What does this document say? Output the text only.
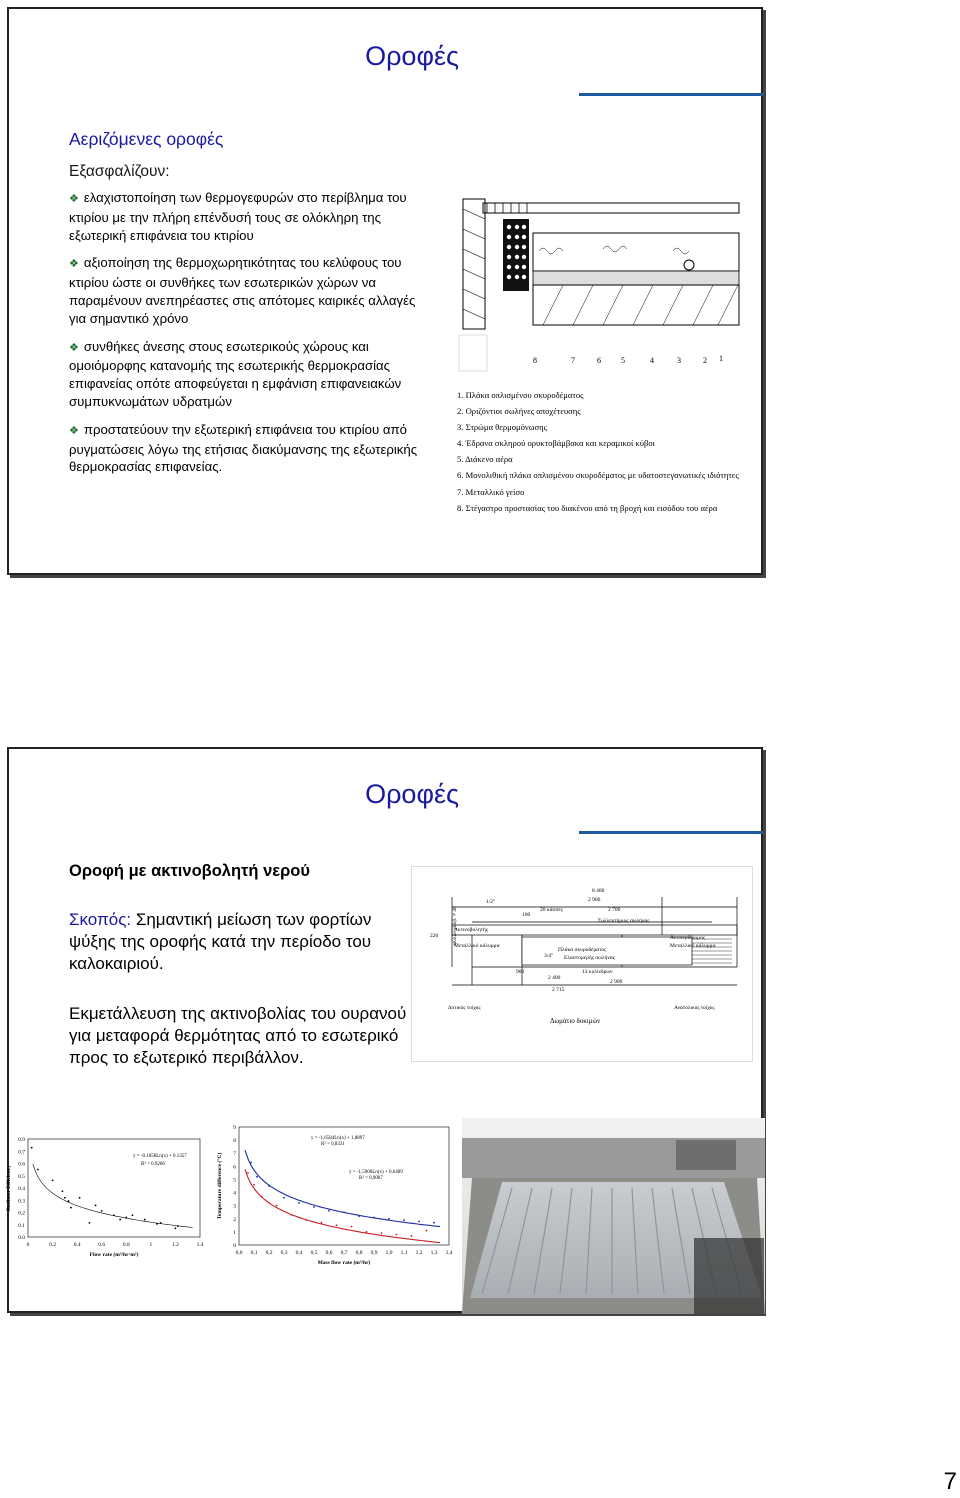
Οροφές
Αεριζόμενες οροφές
Εξασφαλίζουν:
❖ ελαχιστοποίηση των θερμογεφυρών στο περίβλημα του κτιρίου με την πλήρη επένδυσή τους σε ολόκληρη της εξωτερική επιφάνεια του κτιρίου
❖ αξιοποίηση της θερμοχωρητικότητας του κελύφους του κτιρίου ώστε οι συνθήκες των εσωτερικών χώρων να παραμένουν ανεπηρέαστες στις απότομες καιρικές αλλαγές για σημαντικό χρόνο
❖ συνθήκες άνεσης στους εσωτερικούς χώρους και ομοιόμορφης κατανομής της εσωτερικής θερμοκρασίας επιφανείας οπότε αποφεύγεται η εμφάνιση επιφανειακών συμπυκνωμάτων υδρατμών
❖ προστατεύουν την εξωτερική επιφάνεια του κτιρίου από ρυγματώσεις λόγω της ετήσιας διακύμανσης της εξωτερικής θερμοκρασίας επιφανείας.
8	7	6	5	4	3	2 1
1. Πλάκα οπλισμένου σκυροδέματος
2. Οριζόντιοι σωλήνες αποχέτευσης
3. Στρώμα θερμομόνωσης
4. Έδρανα σκληρού ορυκτοβάμβακα και κεραμικοί κύβοι
5. Διάκενο αέρα
6. Μονολιθική πλάκα οπλισμένου σκυροδέματος με υδατοστεγανωτικές ιδιότητες
7. Μεταλλικό γείσο
8. Στέγαστρο προστασίας του διακένου από τη βροχή και εισόδου του αέρα
Οροφές
Οροφή με ακτινοβολητή νερού
Σκοπός: Σημαντική μείωση των φορτίων ψύξης της οροφής κατά την περίοδο του καλοκαιριού.
Εκμετάλλευση της ακτινοβολίας του ουρανού για μεταφορά θερμότητας από το εσωτερικό προς το εξωτερικό περιβάλλον.
8 400
1/2"	2 900
100
20 κάσσες	2 700
900
2 400
2 715
3/4"
13 κυλίνδρων
2 900
220	φύλλο γαλβ. ≠ 40	Συλλεκτήριος σωλήνας
Ακτινοβολητής
Μεταλλικό κάλυμμα
Αντιπερίδρομος
Μεταλλικό κάλυμμα
Πλάκα σκυροδέματος
Ελαστομερής σωλήνας
Δυτικός τοίχος	Ανατολικός τοίχος
Δωμάτιο δοκιμών
0	0.2	0.4	0.6	0.8	1	1.2	1.4
0.0
0.1
0.2
0.3
0.4
0.5
0.6
0.7
0.9
Flow rate (m³/hr·m²)
Radiator Efficiency
y = -0.1658Ln(x) + 0.1357
R² = 0.9206
0,0 0,1 0,2 0,3 0,4 0,5 0,6 0,7 0,8 0,9 1,0 1,1 1,2 1,3 1,4
0
1
2
3
4
5
6
7
8
9
Mass flow rate (m³/hr)
Temperature difference (°C)
y = -1,6584Ln(x) + 1,8897
R² = 0,8331
y = -1,5906Ln(x) + 0,6489
R² = 0,9087
7
